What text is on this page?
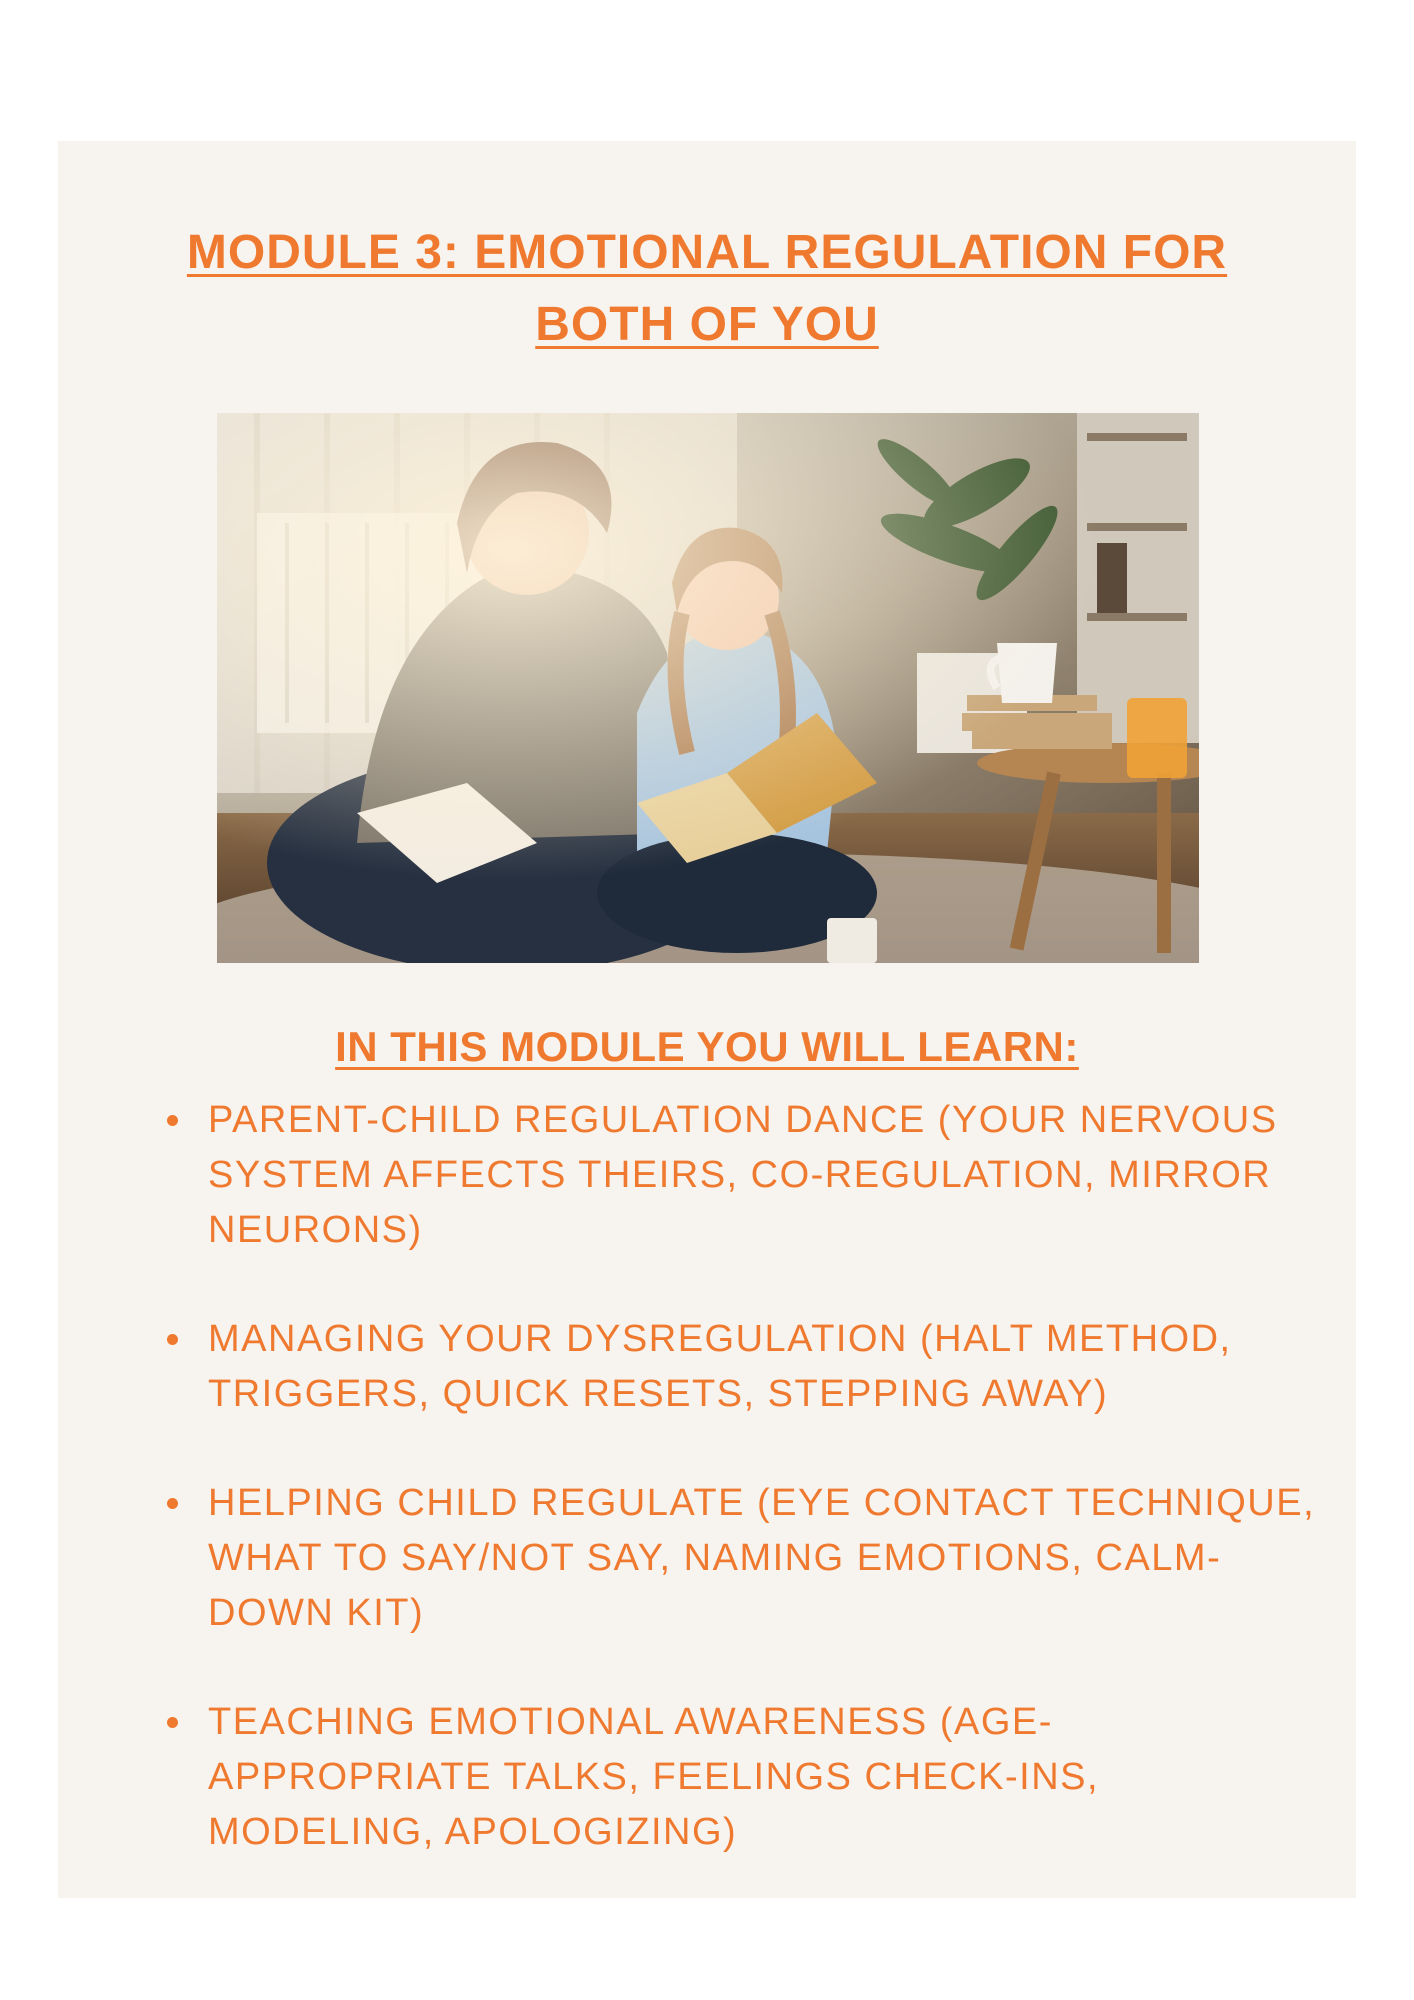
MODULE 3: EMOTIONAL REGULATION FOR BOTH OF YOU
IN THIS MODULE YOU WILL LEARN:
PARENT-CHILD REGULATION DANCE (YOUR NERVOUS SYSTEM AFFECTS THEIRS, CO-REGULATION, MIRROR NEURONS)
MANAGING YOUR DYSREGULATION (HALT METHOD, TRIGGERS, QUICK RESETS, STEPPING AWAY)
HELPING CHILD REGULATE (EYE CONTACT TECHNIQUE, WHAT TO SAY/NOT SAY, NAMING EMOTIONS, CALM-DOWN KIT)
TEACHING EMOTIONAL AWARENESS (AGE-APPROPRIATE TALKS, FEELINGS CHECK-INS, MODELING, APOLOGIZING)
